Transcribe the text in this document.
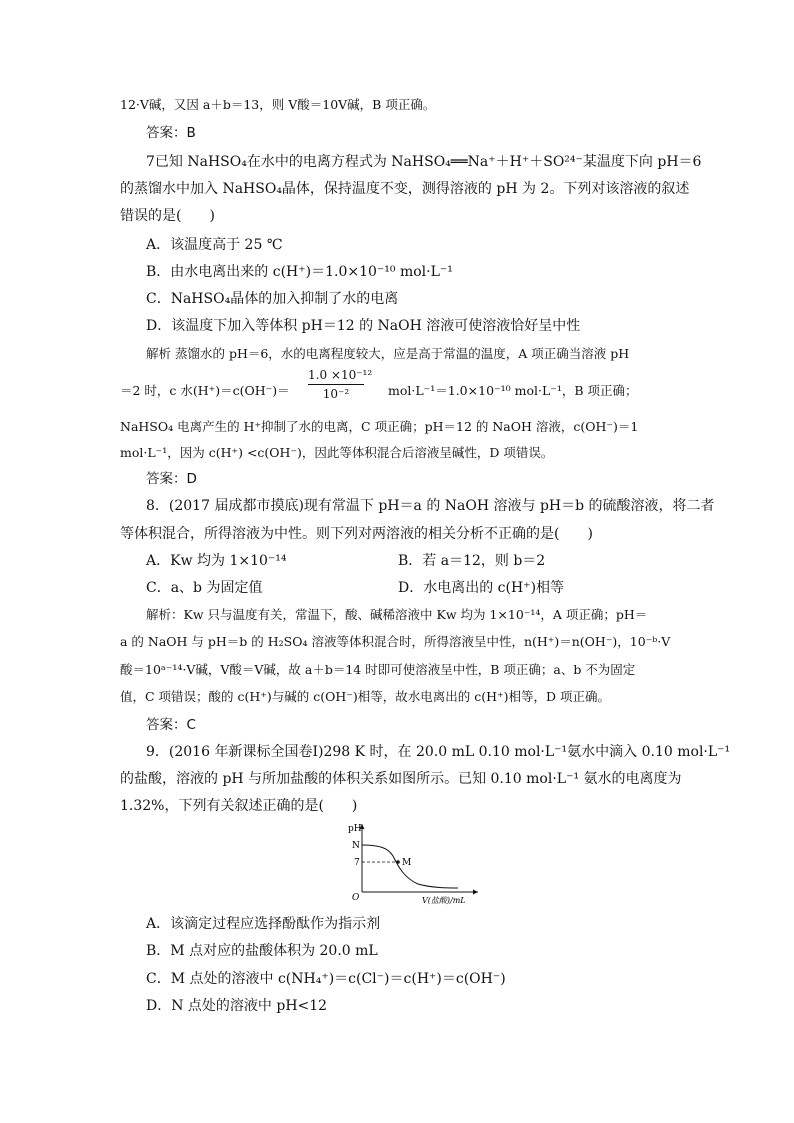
12·V碱，又因 a＋b＝13，则 V酸＝10V碱，B 项正确。
答案：B
7已知 NaHSO₄在水中的电离方程式为 NaHSO₄══Na⁺＋H⁺＋SO²⁴⁻某温度下向 pH＝6
的蒸馏水中加入 NaHSO₄晶体，保持温度不变，测得溶液的 pH 为 2。下列对该溶液的叙述
错误的是(　　)
A．该温度高于 25 ℃
B．由水电离出来的 c(H⁺)＝1.0×10⁻¹⁰ mol·L⁻¹
C．NaHSO₄晶体的加入抑制了水的电离
D．该温度下加入等体积 pH＝12 的 NaOH 溶液可使溶液恰好呈中性
解析 蒸馏水的 pH＝6，水的电离程度较大，应是高于常温的温度，A 项正确当溶液 pH
＝2 时，c 水(H⁺)＝c(OH⁻)＝
1.0 ×10⁻¹²
10⁻²	mol·L⁻¹＝1.0×10⁻¹⁰ mol·L⁻¹，B 项正确；
NaHSO₄ 电离产生的 H⁺抑制了水的电离，C 项正确；pH＝12 的 NaOH 溶液，c(OH⁻)＝1
mol·L⁻¹，因为 c(H⁺) <c(OH⁻)，因此等体积混合后溶液呈碱性，D 项错误。
答案：D
8．(2017 届成都市摸底)现有常温下 pH＝a 的 NaOH 溶液与 pH＝b 的硫酸溶液，将二者
等体积混合，所得溶液为中性。则下列对两溶液的相关分析不正确的是(　　)
A．Kw 均为 1×10⁻¹⁴	B．若 a＝12，则 b＝2
C．a、b 为固定值	D．水电离出的 c(H⁺)相等
解析：Kw 只与温度有关，常温下，酸、碱稀溶液中 Kw 均为 1×10⁻¹⁴，A 项正确；pH＝
a 的 NaOH 与 pH＝b 的 H₂SO₄ 溶液等体积混合时，所得溶液呈中性，n(H⁺)＝n(OH⁻)，10⁻ᵇ·V
酸＝10ᵃ⁻¹⁴·V碱，V酸＝V碱，故 a＋b＝14 时即可使溶液呈中性，B 项正确；a、b 不为固定
值，C 项错误；酸的 c(H⁺)与碱的 c(OH⁻)相等，故水电离出的 c(H⁺)相等，D 项正确。
答案：C
9．(2016 年新课标全国卷Ⅰ)298 K 时，在 20.0 mL 0.10 mol·L⁻¹氨水中滴入 0.10 mol·L⁻¹
的盐酸，溶液的 pH 与所加盐酸的体积关系如图所示。已知 0.10 mol·L⁻¹ 氨水的电离度为
1.32%，下列有关叙述正确的是(　　)
pH
N
7
O
M
V(盐酸)/mL
A．该滴定过程应选择酚酞作为指示剂
B．M 点对应的盐酸体积为 20.0 mL
C．M 点处的溶液中 c(NH₄⁺)＝c(Cl⁻)＝c(H⁺)＝c(OH⁻)
D．N 点处的溶液中 pH<12
